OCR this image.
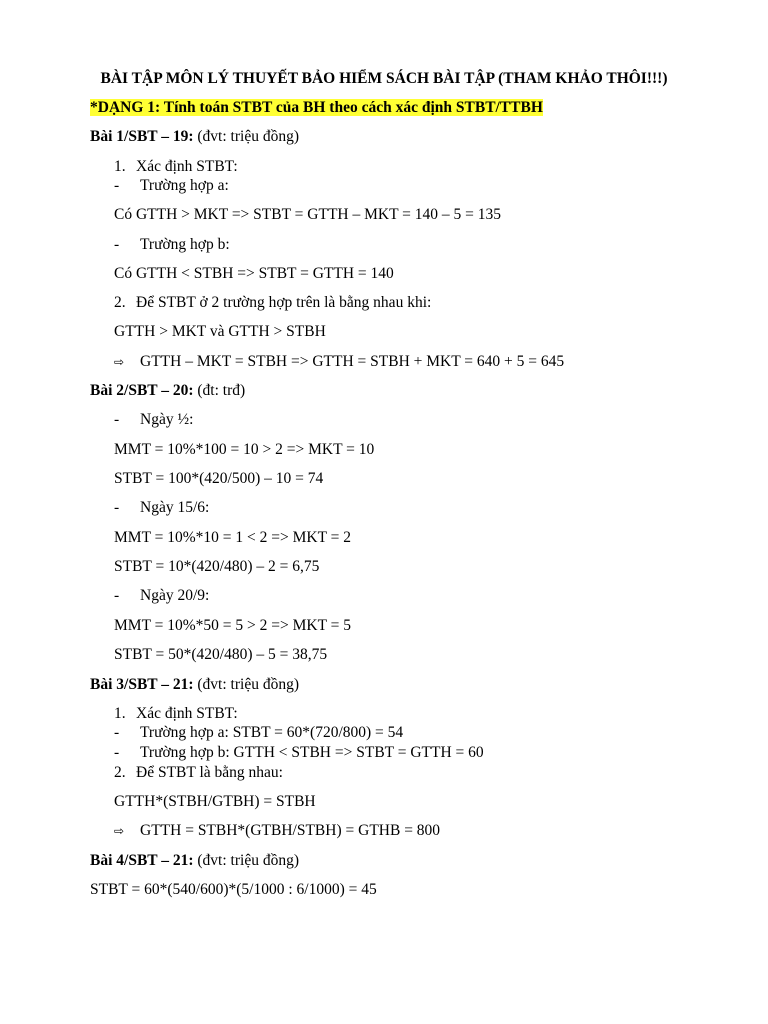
BÀI TẬP MÔN LÝ THUYẾT BẢO HIỂM SÁCH BÀI TẬP (THAM KHẢO THÔI!!!)
*DẠNG 1: Tính toán STBT của BH theo cách xác định STBT/TTBH
Bài 1/SBT – 19: (đvt: triệu đồng)
1. Xác định STBT:
- Trường hợp a:
Có GTTH > MKT => STBT = GTTH – MKT = 140 – 5 = 135
- Trường hợp b:
Có GTTH < STBH => STBT = GTTH = 140
2. Để STBT ở 2 trường hợp trên là bằng nhau khi:
GTTH > MKT và GTTH > STBH
⇨ GTTH – MKT = STBH => GTTH = STBH + MKT = 640 + 5 = 645
Bài 2/SBT – 20: (đt: trđ)
- Ngày ½:
MMT = 10%*100 = 10 > 2 => MKT = 10
STBT = 100*(420/500) – 10 = 74
- Ngày 15/6:
MMT = 10%*10 = 1 < 2 => MKT = 2
STBT = 10*(420/480) – 2 = 6,75
- Ngày 20/9:
MMT = 10%*50 = 5 > 2 => MKT = 5
STBT = 50*(420/480) – 5 = 38,75
Bài 3/SBT – 21: (đvt: triệu đồng)
1. Xác định STBT:
- Trường hợp a: STBT = 60*(720/800) = 54
- Trường hợp b: GTTH < STBH => STBT = GTTH = 60
2. Để STBT là bằng nhau:
GTTH*(STBH/GTBH) = STBH
⇨ GTTH = STBH*(GTBH/STBH) = GTHB = 800
Bài 4/SBT – 21: (đvt: triệu đồng)
STBT = 60*(540/600)*(5/1000 : 6/1000) = 45
